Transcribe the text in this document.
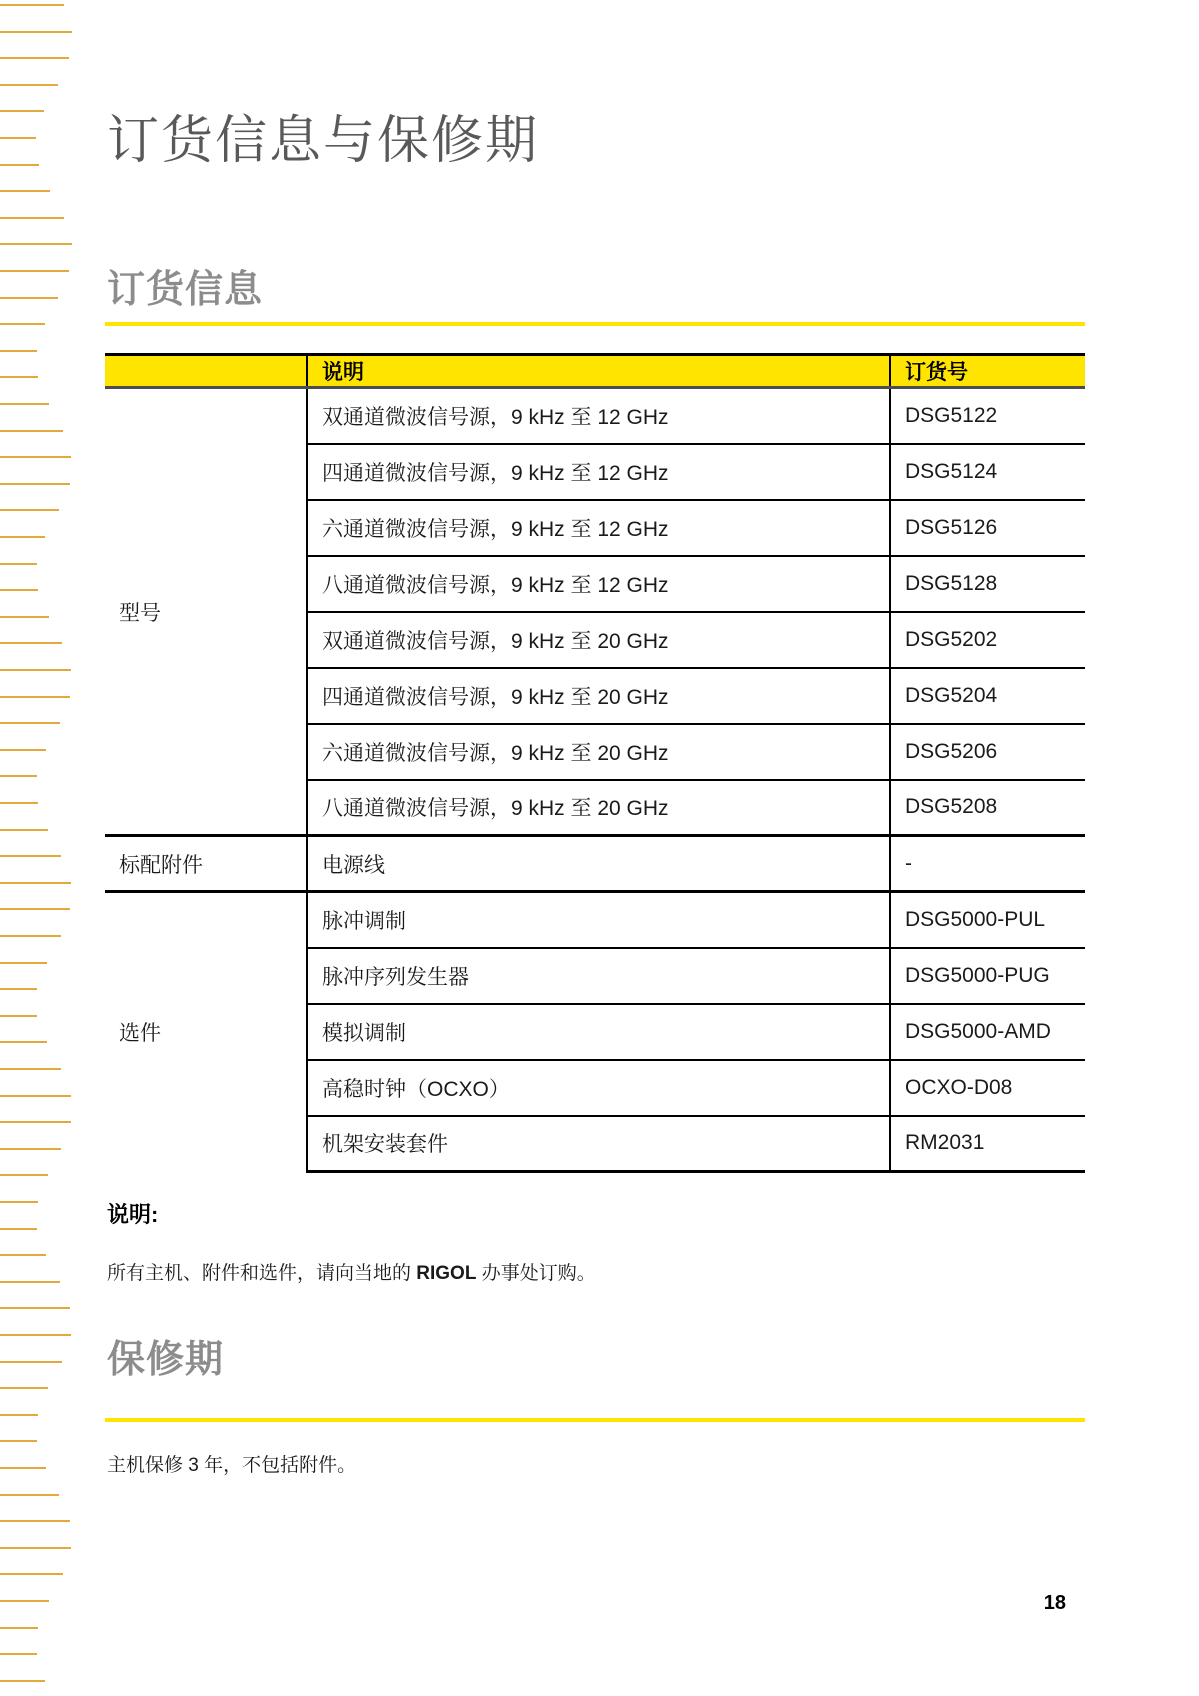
订货信息与保修期
订货信息
	说明	订货号
型号	双通道微波信号源，9 kHz 至 12 GHz	DSG5122
	四通道微波信号源，9 kHz 至 12 GHz	DSG5124
	六通道微波信号源，9 kHz 至 12 GHz	DSG5126
	八通道微波信号源，9 kHz 至 12 GHz	DSG5128
	双通道微波信号源，9 kHz 至 20 GHz	DSG5202
	四通道微波信号源，9 kHz 至 20 GHz	DSG5204
	六通道微波信号源，9 kHz 至 20 GHz	DSG5206
	八通道微波信号源，9 kHz 至 20 GHz	DSG5208
标配附件	电源线	-
选件	脉冲调制	DSG5000-PUL
	脉冲序列发生器	DSG5000-PUG
	模拟调制	DSG5000-AMD
	高稳时钟（OCXO）	OCXO-D08
	机架安装套件	RM2031
说明:
所有主机、附件和选件，请向当地的 RIGOL 办事处订购。
保修期
主机保修 3 年，不包括附件。
18
